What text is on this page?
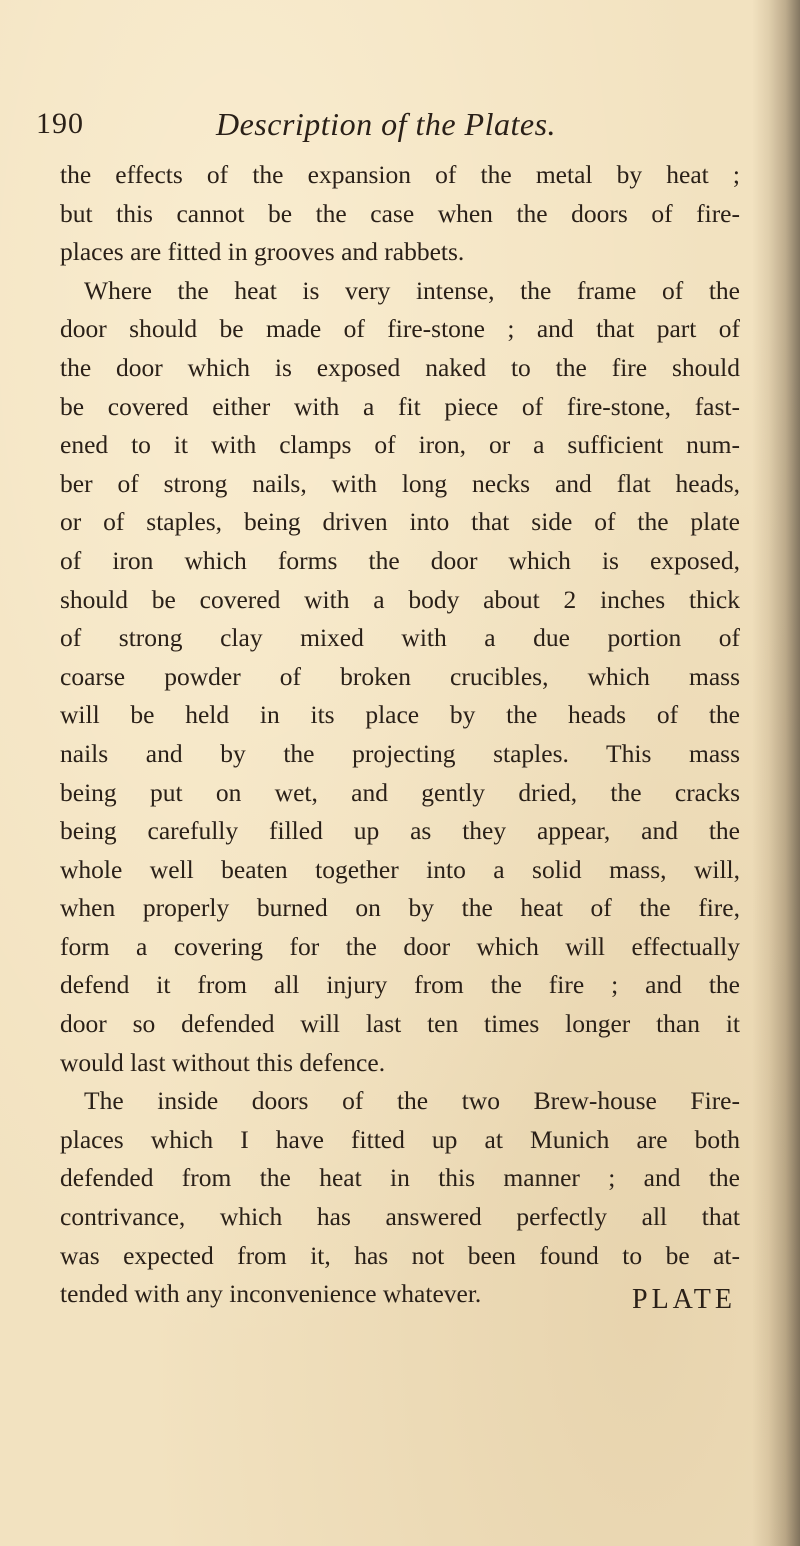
190	Description of the Plates.
the effects of the expansion of the metal by heat ;
but this cannot be the case when the doors of fire-
places are fitted in grooves and rabbets.
Where the heat is very intense, the frame of the
door should be made of fire-stone ; and that part of
the door which is exposed naked to the fire should
be covered either with a fit piece of fire-stone, fast-
ened to it with clamps of iron, or a sufficient num-
ber of strong nails, with long necks and flat heads,
or of staples, being driven into that side of the plate
of iron which forms the door which is exposed,
should be covered with a body about 2 inches thick
of strong clay mixed with a due portion of
coarse powder of broken crucibles, which mass
will be held in its place by the heads of the
nails and by the projecting staples. This mass
being put on wet, and gently dried, the cracks
being carefully filled up as they appear, and the
whole well beaten together into a solid mass, will,
when properly burned on by the heat of the fire,
form a covering for the door which will effectually
defend it from all injury from the fire ; and the
door so defended will last ten times longer than it
would last without this defence.
The inside doors of the two Brew-house Fire-
places which I have fitted up at Munich are both
defended from the heat in this manner ; and the
contrivance, which has answered perfectly all that
was expected from it, has not been found to be at-
tended with any inconvenience whatever.	PLATE
